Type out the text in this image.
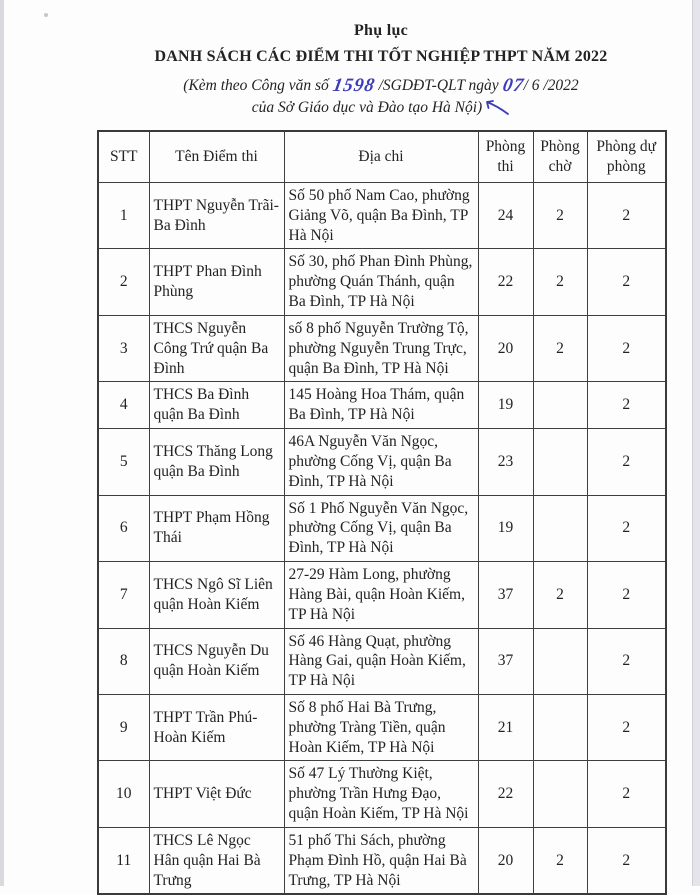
Phụ lục

DANH SÁCH CÁC ĐIỂM THI TỐT NGHIỆP THPT NĂM 2022

(Kèm theo Công văn số 1598 /SGDĐT-QLT ngày 07/ 6 /2022
của Sở Giáo dục và Đào tạo Hà Nội)

STT	Tên Điểm thi	Địa chi	Phòng thi	Phòng chờ	Phòng dự phòng
1	THPT Nguyễn Trãi-Ba Đình	Số 50 phố Nam Cao, phường Giảng Võ, quận Ba Đình, TP Hà Nội	24	2	2
2	THPT Phan Đình Phùng	Số 30, phố Phan Đình Phùng, phường Quán Thánh, quận Ba Đình, TP Hà Nội	22	2	2
3	THCS Nguyễn Công Trứ quận Ba Đình	số 8 phố Nguyễn Trường Tộ, phường Nguyễn Trung Trực, quận Ba Đình, TP Hà Nội	20	2	2
4	THCS Ba Đình quận Ba Đình	145 Hoàng Hoa Thám, quận Ba Đình, TP Hà Nội	19		2
5	THCS Thăng Long quận Ba Đình	46A Nguyễn Văn Ngọc, phường Cống Vị, quận Ba Đình, TP Hà Nội	23		2
6	THPT Phạm Hồng Thái	Số 1 Phố Nguyễn Văn Ngọc, phường Cống Vị, quận Ba Đình, TP Hà Nội	19		2
7	THCS Ngô Sĩ Liên quận Hoàn Kiếm	27-29 Hàm Long, phường Hàng Bài, quận Hoàn Kiếm, TP Hà Nội	37	2	2
8	THCS Nguyễn Du quận Hoàn Kiếm	Số 46 Hàng Quạt, phường Hàng Gai, quận Hoàn Kiếm, TP Hà Nội	37		2
9	THPT Trần Phú-Hoàn Kiếm	Số 8 phố Hai Bà Trưng, phường Tràng Tiền, quận Hoàn Kiếm, TP Hà Nội	21		2
10	THPT Việt Đức	Số 47 Lý Thường Kiệt, phường Trần Hưng Đạo, quận Hoàn Kiếm, TP Hà Nội	22		2
11	THCS Lê Ngọc Hân quận Hai Bà Trưng	51 phố Thi Sách, phường Phạm Đình Hồ, quận Hai Bà Trưng, TP Hà Nội	20	2	2
